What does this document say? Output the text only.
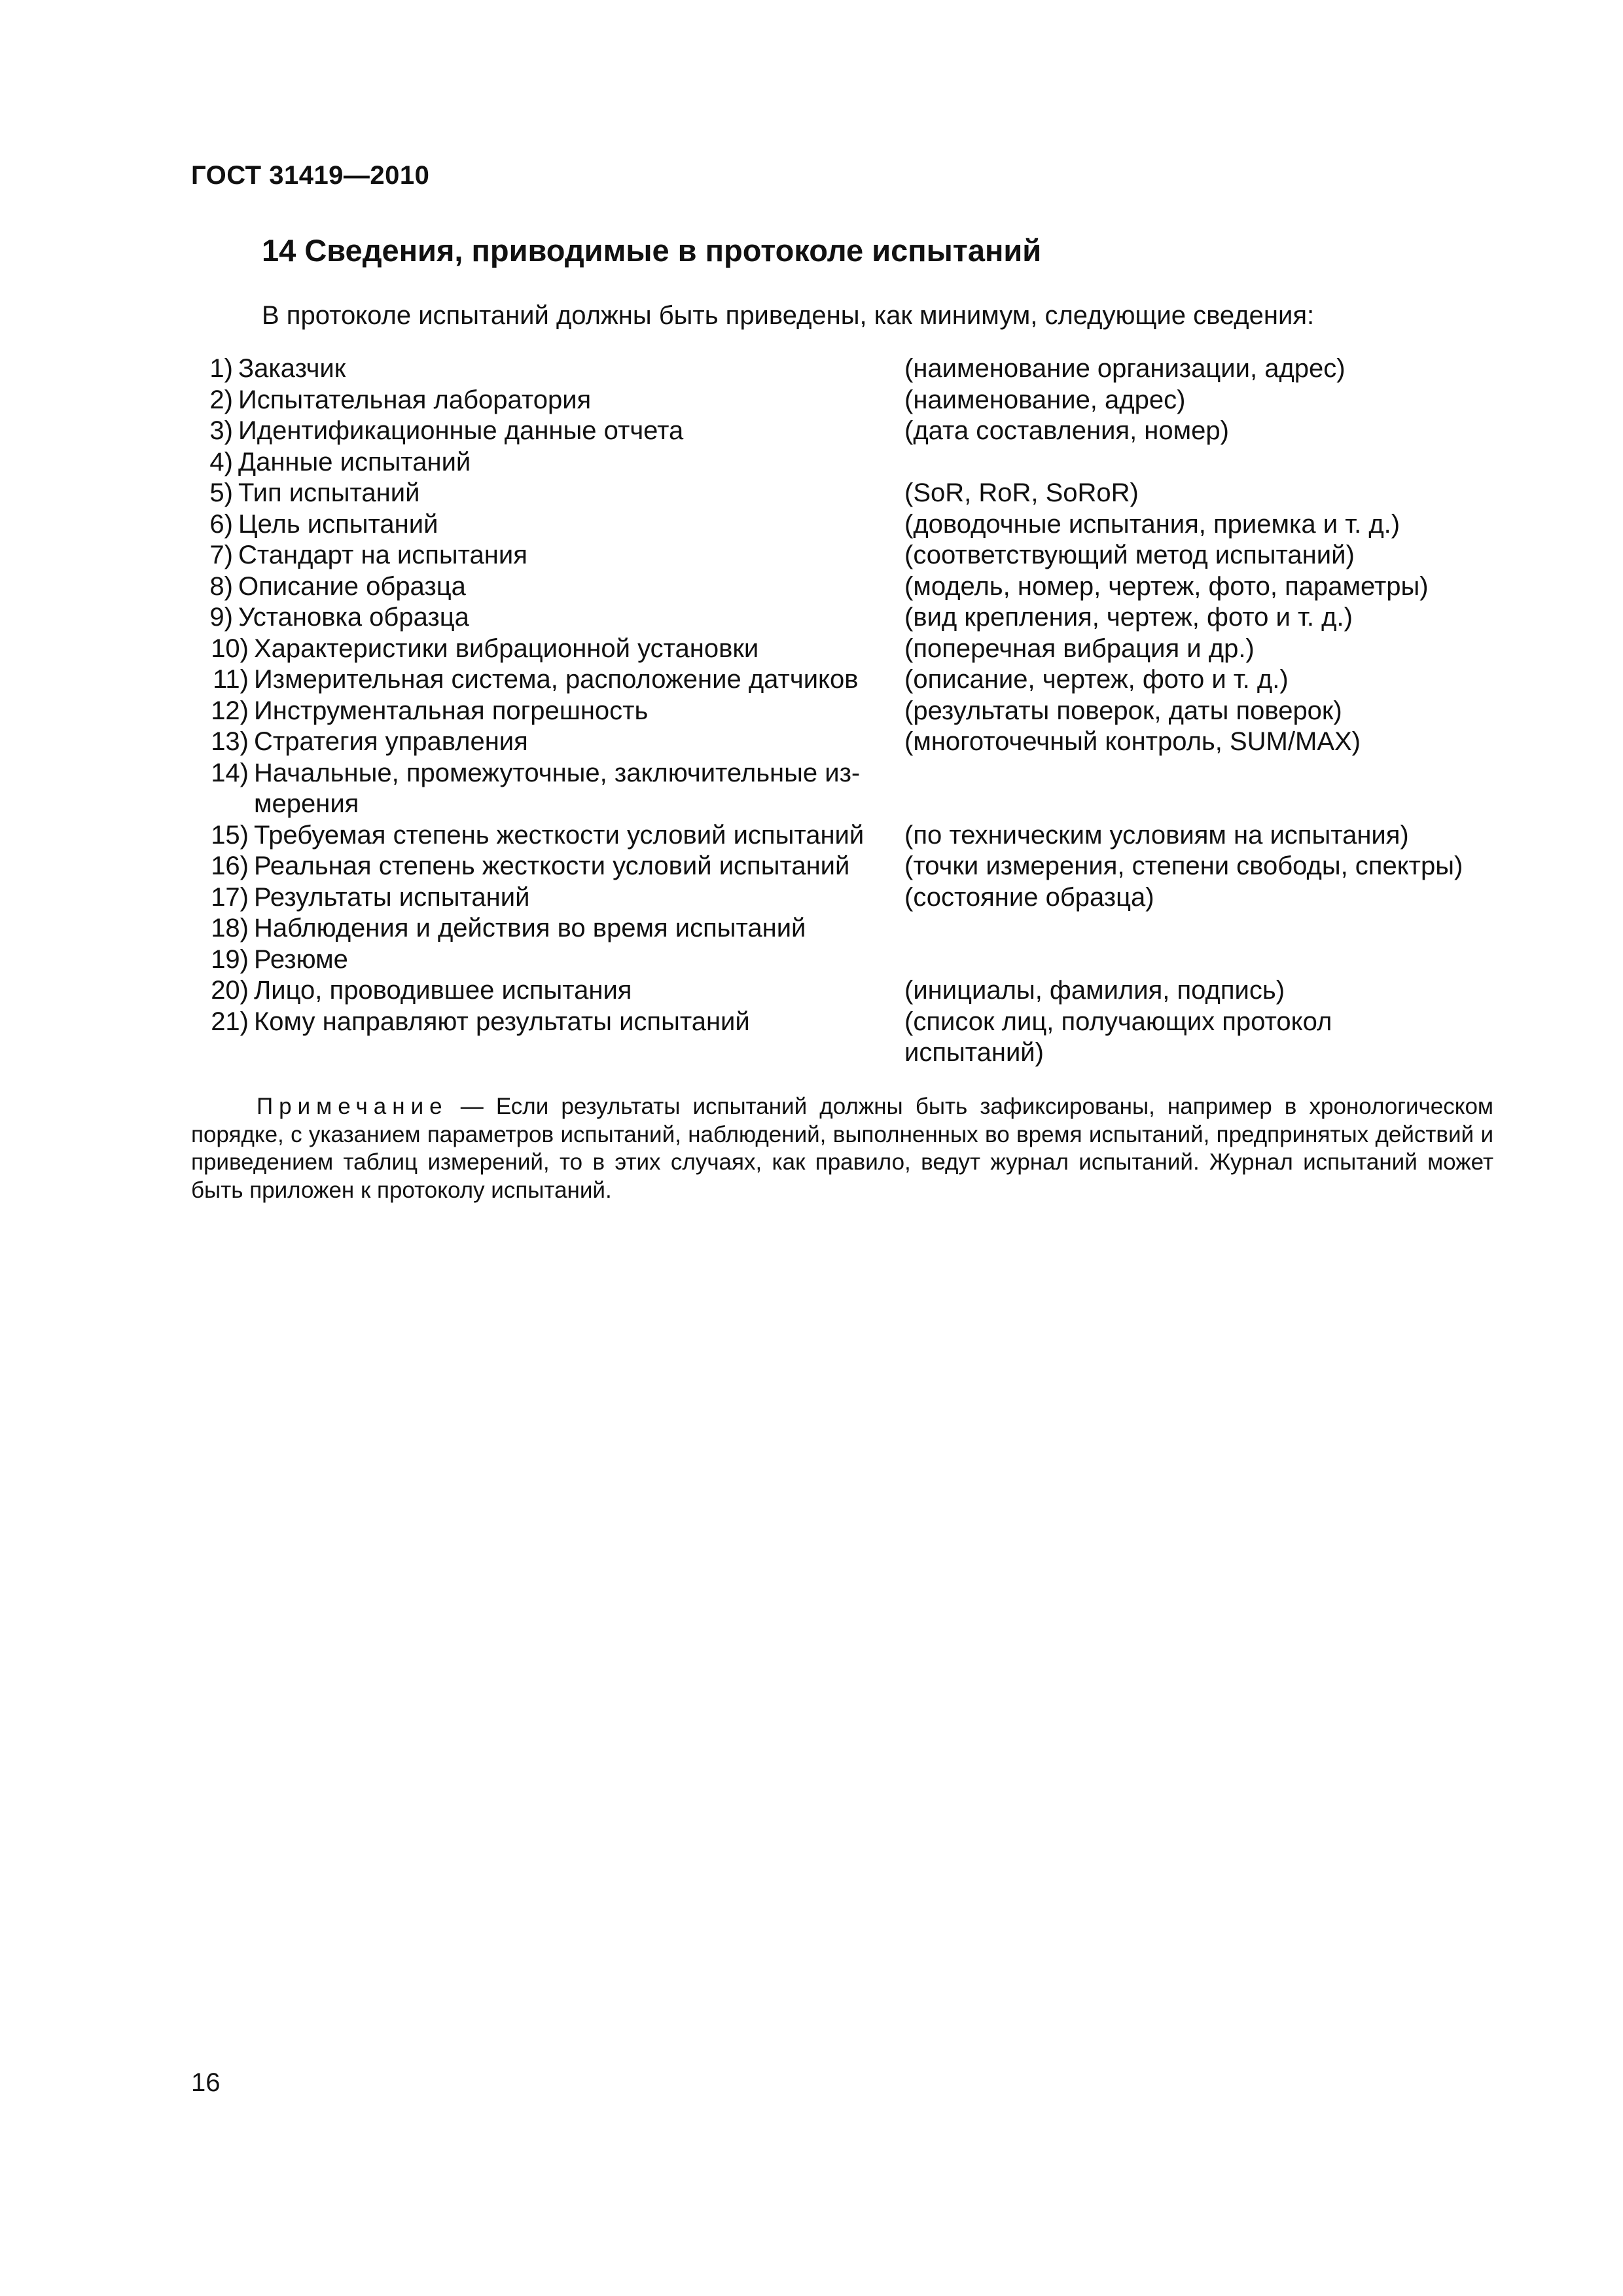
ГОСТ 31419—2010
14 Сведения, приводимые в протоколе испытаний
В протоколе испытаний должны быть приведены, как минимум, следующие сведения:
1) Заказчик	(наименование организации, адрес)
2) Испытательная лаборатория	(наименование, адрес)
3) Идентификационные данные отчета	(дата составления, номер)
4) Данные испытаний
5) Тип испытаний	(SoR, RoR, SoRoR)
6) Цель испытаний	(доводочные испытания, приемка и т. д.)
7) Стандарт на испытания	(соответствующий метод испытаний)
8) Описание образца	(модель, номер, чертеж, фото, параметры)
9) Установка образца	(вид крепления, чертеж, фото и т. д.)
10) Характеристики вибрационной установки	(поперечная вибрация и др.)
11) Измерительная система, расположение датчиков	(описание, чертеж, фото и т. д.)
12) Инструментальная погрешность	(результаты поверок, даты поверок)
13) Стратегия управления	(многоточечный контроль, SUM/MAX)
14) Начальные, промежуточные, заключительные из-
мерения
15) Требуемая степень жесткости условий испытаний	(по техническим условиям на испытания)
16) Реальная степень жесткости условий испытаний	(точки измерения, степени свободы, спектры)
17) Результаты испытаний	(состояние образца)
18) Наблюдения и действия во время испытаний
19) Резюме
20) Лицо, проводившее испытания	(инициалы, фамилия, подпись)
21) Кому направляют результаты испытаний	(список лиц, получающих протокол
испытаний)
Примечание — Если результаты испытаний должны быть зафиксированы, например в хронологическом порядке, с указанием параметров испытаний, наблюдений, выполненных во время испытаний, предпринятых действий и приведением таблиц измерений, то в этих случаях, как правило, ведут журнал испытаний. Журнал испытаний может быть приложен к протоколу испытаний.
16
